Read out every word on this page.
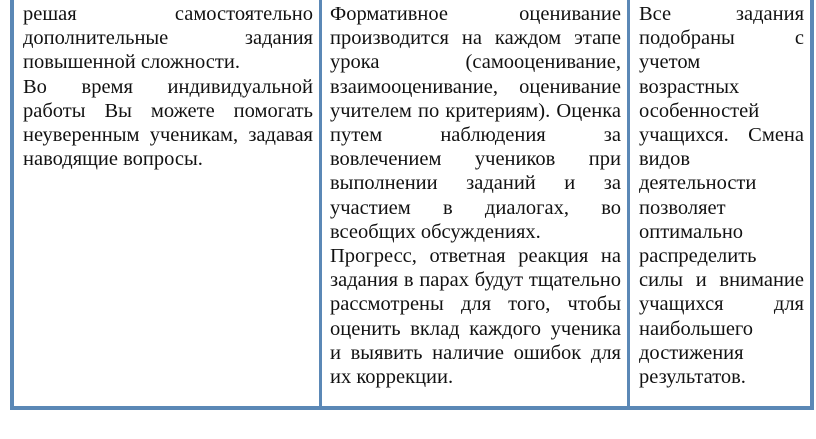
решая самостоятельно дополнительные задания повышенной сложности.

Во время индивидуальной работы Вы можете помогать неуверенным ученикам, задавая наводящие вопросы.

Формативное оценивание производится на каждом этапе урока (самооценивание, взаимооценивание, оценивание учителем по критериям). Оценка путем наблюдения за вовлечением учеников при выполнении заданий и за участием в диалогах, во всеобщих обсуждениях.

Прогресс, ответная реакция на задания в парах будут тщательно рассмотрены для того, чтобы оценить вклад каждого ученика и выявить наличие ошибок для их коррекции.

Все задания подобраны с учетом возрастных особенностей учащихся. Смена видов деятельности позволяет оптимально распределить силы и внимание учащихся для наибольшего достижения результатов.
